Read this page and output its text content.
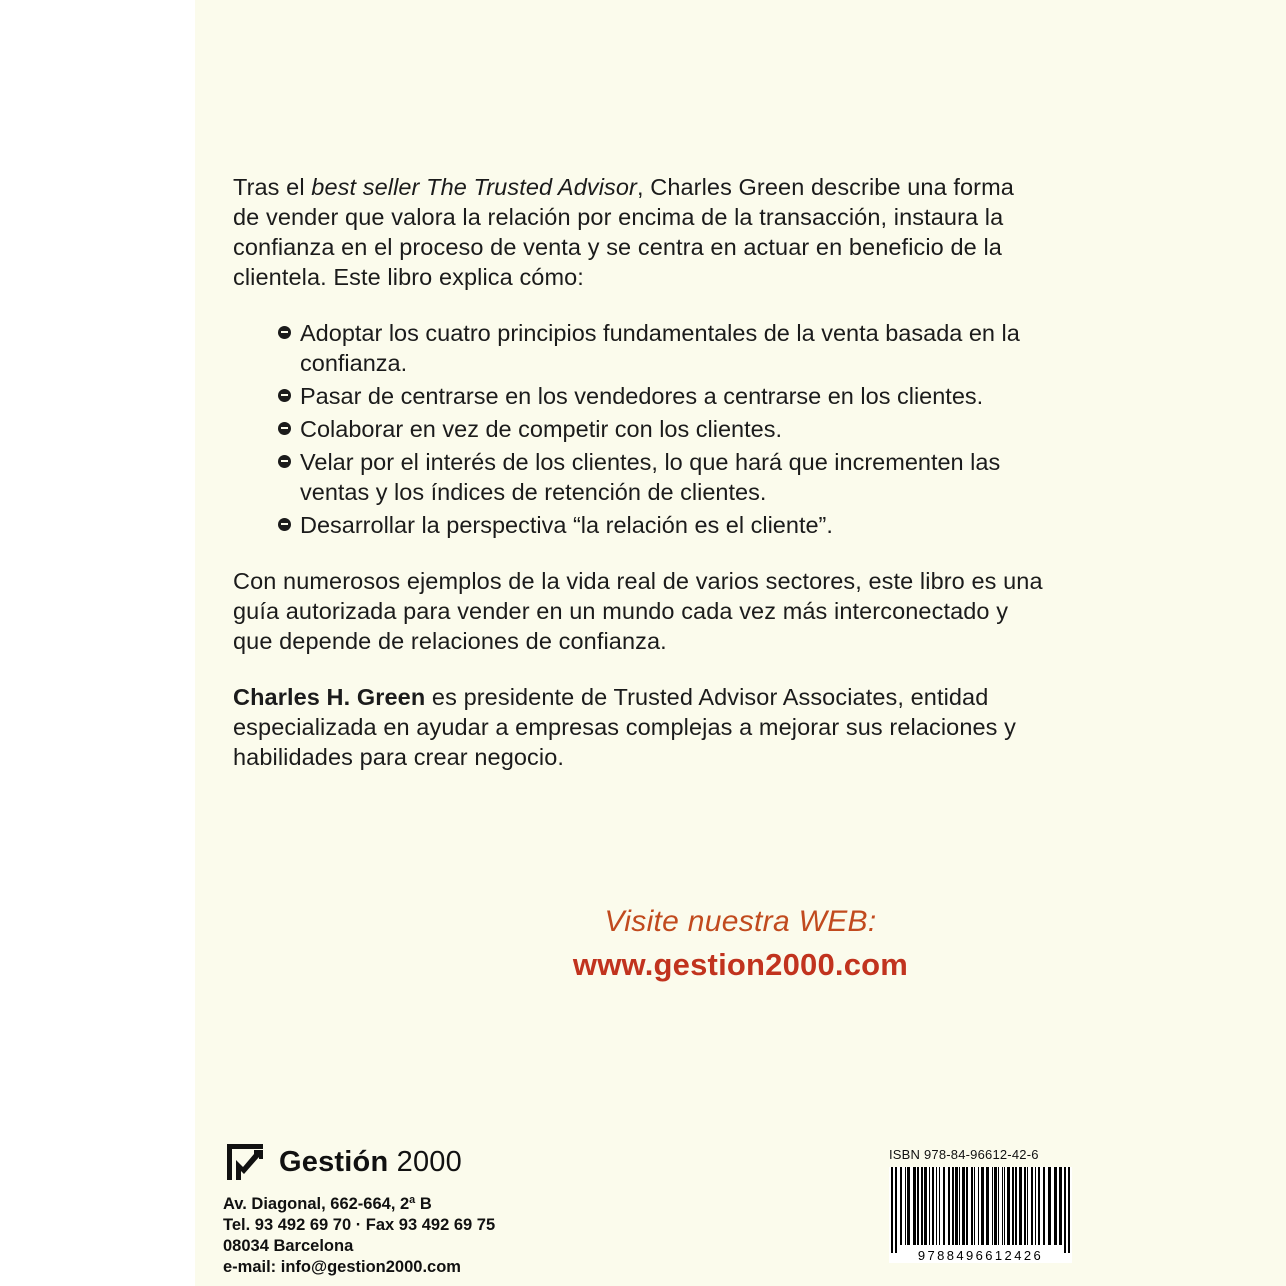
Tras el best seller The Trusted Advisor, Charles Green describe una forma de vender que valora la relación por encima de la transacción, instaura la confianza en el proceso de venta y se centra en actuar en beneficio de la clientela. Este libro explica cómo:

Adoptar los cuatro principios fundamentales de la venta basada en la confianza.
Pasar de centrarse en los vendedores a centrarse en los clientes.
Colaborar en vez de competir con los clientes.
Velar por el interés de los clientes, lo que hará que incrementen las ventas y los índices de retención de clientes.
Desarrollar la perspectiva “la relación es el cliente”.

Con numerosos ejemplos de la vida real de varios sectores, este libro es una guía autorizada para vender en un mundo cada vez más interconectado y que depende de relaciones de confianza.

Charles H. Green es presidente de Trusted Advisor Associates, entidad especializada en ayudar a empresas complejas a mejorar sus relaciones y habilidades para crear negocio.

Visite nuestra WEB:
www.gestion2000.com
Gestión 2000
Av. Diagonal, 662-664, 2ª B
Tel. 93 492 69 70 · Fax 93 492 69 75
08034 Barcelona
e-mail: info@gestion2000.com
ISBN 978-84-96612-42-6
9788496612426
